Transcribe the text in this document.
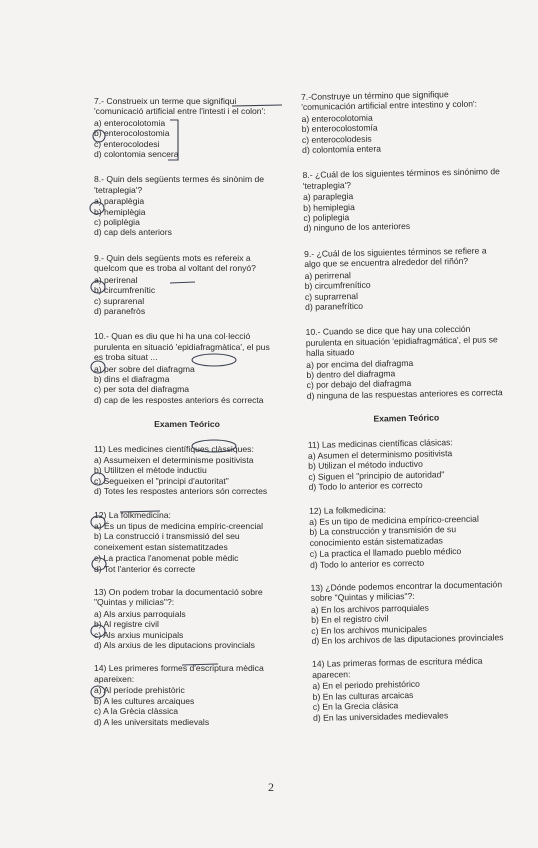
7.- Construeix un terme que signifiqui 'comunicació artificial entre l'intesti i el colon':

a) enterocolotomia

b) enterocolostomia

c) enterocolodesi

d) colontomia sencera

8.- Quin dels següents termes és sinònim de 'tetraplegia'?

a) paraplègia

b) hemiplègia

c) poliplègia

d) cap dels anteriors

9.- Quin dels següents mots es refereix a quelcom que es troba al voltant del ronyó?

a) perirenal

b) circumfrenític

c) suprarenal

d) paranefròs

10.- Quan es diu que hi ha una col·lecció purulenta en situació 'epidiafragmàtica', el pus es troba situat ...

a) per sobre del diafragma

b) dins el diafragma

c) per sota del diafragma

d) cap de les respostes anteriors és correcta

Examen Teórico

11) Les medicines científiques clàssiques:

a) Assumeixen el determinisme positivista

b) Utilitzen el mètode inductiu

c) Segueixen el "principi d'autoritat"

d) Totes les respostes anteriors són correctes

12) La folkmedicina:

a) És un tipus de medicina empíric-creencial

b) La construcció i transmissió del seu coneixement estan sistematitzades

c) La practica l'anomenat poble mèdic

d) Tot l'anterior és correcte

13) On podem trobar la documentació sobre "Quintas y milicias"?:

a) Als arxius parroquials

b) Al registre civil

c) Als arxius municipals

d) Als arxius de les diputacions provincials

14) Les primeres formes d'escriptura mèdica apareixen:

a) Al període prehistòric

b) A les cultures arcaiques

c) A la Grècia clàssica

d) A les universitats medievals

7.-Construye un término que signifique 'comunicación artificial entre intestino y colon':

a) enterocolotomia

b) enterocolostomía

c) enterocolodesis

d) colontomía entera

8.- ¿Cuál de los siguientes términos es sinónimo de 'tetraplegia'?

a) paraplegia

b) hemiplegia

c) poliplegia

d) ninguno de los anteriores

9.- ¿Cuál de los siguientes términos se refiere a algo que se encuentra alrededor del riñón?

a) perirrenal

b) circumfrenítico

c) suprarrenal

d) paranefrítico

10.- Cuando se dice que hay una colección purulenta en situación 'epidiafragmática', el pus se halla situado

a) por encima del diafragma

b) dentro del diafragma

c) por debajo del diafragma

d) ninguna de las respuestas anteriores es correcta

Examen Teórico

11) Las medicinas científicas clásicas:

a) Asumen el determinismo positivista

b) Utilizan el método inductivo

c) Siguen el "principio de autoridad"

d) Todo lo anterior es correcto

12) La folkmedicina:

a) Es un tipo de medicina empírico-creencial

b) La construcción y transmisión de su conocimiento están sistematizadas

c) La practica el llamado pueblo médico

d) Todo lo anterior es correcto

13) ¿Dónde podemos encontrar la documentación sobre "Quintas y milicias"?:

a) En los archivos parroquiales

b) En el registro civil

c) En los archivos municipales

d) En los archivos de las diputaciones provinciales

14) Las primeras formas de escritura médica aparecen:

a) En el periodo prehistórico

b) En las culturas arcaicas

c) En la Grecia clásica

d) En las universidades medievales

2
